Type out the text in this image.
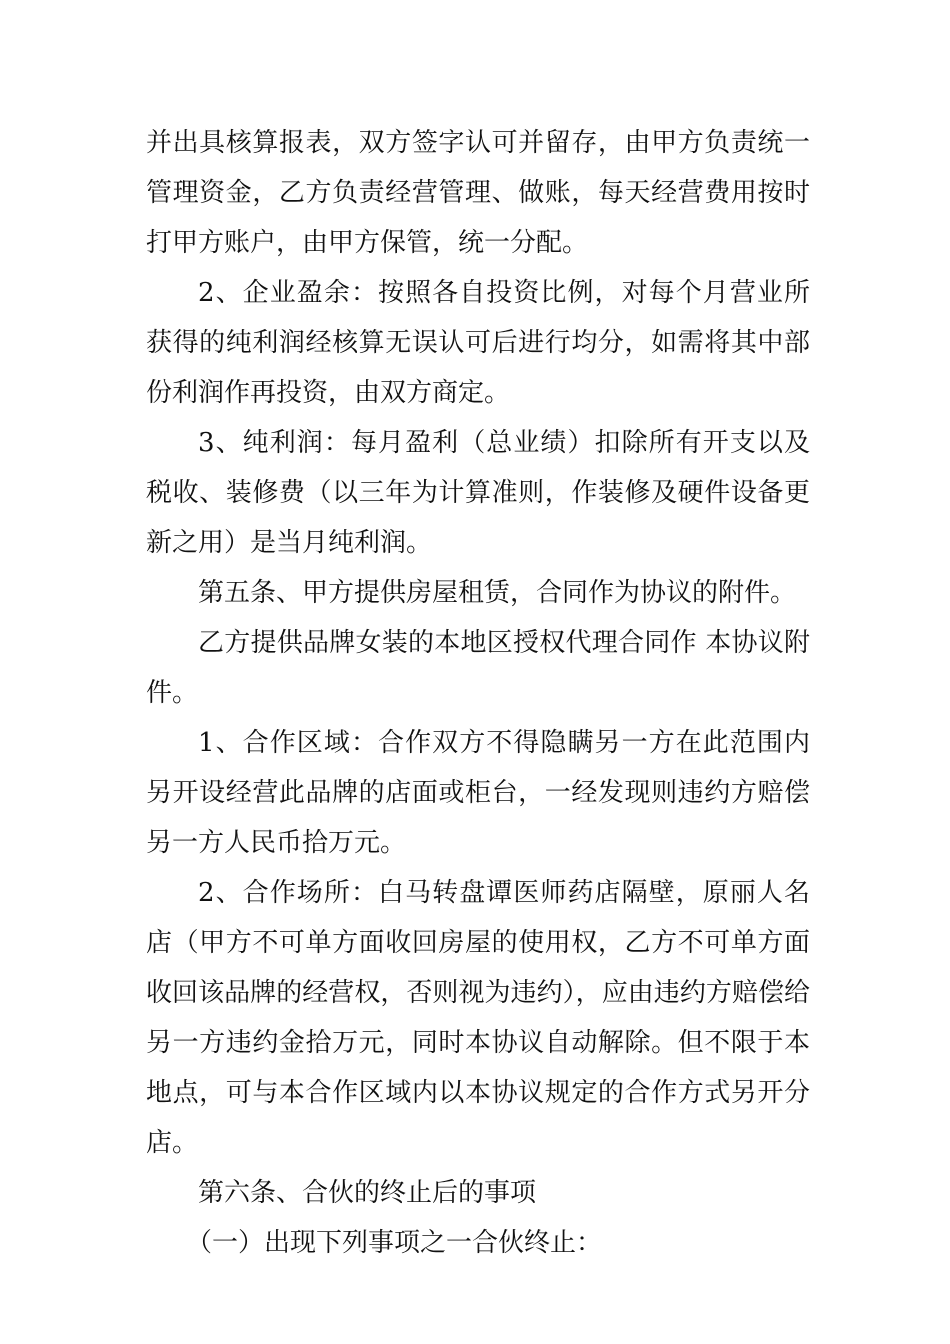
并出具核算报表，双方签字认可并留存，由甲方负责统一管理资金，乙方负责经营管理、做账，每天经营费用按时打甲方账户，由甲方保管，统一分配。

2、企业盈余：按照各自投资比例，对每个月营业所获得的纯利润经核算无误认可后进行均分，如需将其中部份利润作再投资，由双方商定。

3、纯利润：每月盈利（总业绩）扣除所有开支以及税收、装修费（以三年为计算准则，作装修及硬件设备更新之用）是当月纯利润。

第五条、甲方提供房屋租赁，合同作为协议的附件。

乙方提供品牌女装的本地区授权代理合同作 本协议附件。

1、合作区域：合作双方不得隐瞒另一方在此范围内另开设经营此品牌的店面或柜台，一经发现则违约方赔偿另一方人民币拾万元。

2、合作场所：白马转盘谭医师药店隔壁，原丽人名店（甲方不可单方面收回房屋的使用权，乙方不可单方面收回该品牌的经营权，否则视为违约），应由违约方赔偿给另一方违约金拾万元，同时本协议自动解除。但不限于本地点，可与本合作区域内以本协议规定的合作方式另开分店。

第六条、合伙的终止后的事项

（一）出现下列事项之一合伙终止：
